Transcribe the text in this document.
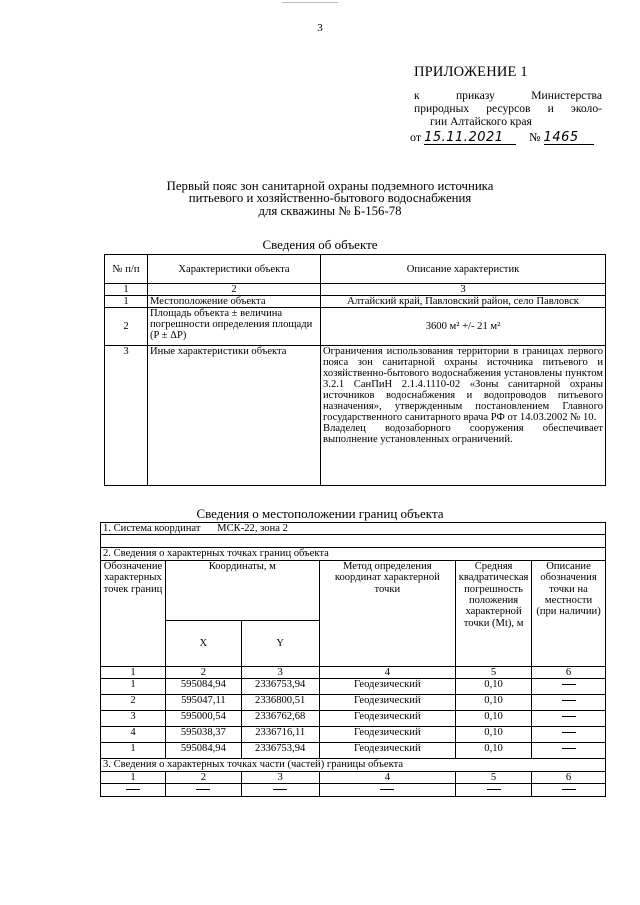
3
ПРИЛОЖЕНИЕ 1
к приказу Министерства
природных ресурсов и эколо-
гии Алтайского края
от 15.11.2021 № 1465
Первый пояс зон санитарной охраны подземного источника
питьевого и хозяйственно-бытового водоснабжения
для скважины № Б-156-78
Сведения об объекте
№ п/п	Характеристики объекта	Описание характеристик
1	2	3
1	Местоположение объекта	Алтайский край, Павловский район, село Павловск
2	Площадь объекта ± величина погрешности определения площади (P ± ΔP)	3600 м² +/- 21 м²
3	Иные характеристики объекта	Ограничения использования территории в границах первого пояса зон санитарной охраны источника питьевого и хозяйственно-бытового водоснабжения установлены пунктом 3.2.1 СанПиН 2.1.4.1110-02 «Зоны санитарной охраны источников водоснабжения и водопроводов питьевого назначения», утвержденным постановлением Главного государственного санитарного врача РФ от 14.03.2002 № 10.
Владелец водозаборного сооружения обеспечивает выполнение установленных ограничений.
Сведения о местоположении границ объекта
1. Система координат МСК-22, зона 2					

2. Сведения о характерных точках границ объекта					
Обозначение характерных точек границ	Координаты, м		Метод определения координат характерной точки	Средняя квадратическая погрешность положения характерной точки (Mt), м	Описание обозначения точки на местности (при наличии)
	X	Y			
1	2	3	4	5	6
1	595084,94	2336753,94	Геодезический	0,10	
2	595047,11	2336800,51	Геодезический	0,10	
3	595000,54	2336762,68	Геодезический	0,10	
4	595038,37	2336716,11	Геодезический	0,10	
1	595084,94	2336753,94	Геодезический	0,10	
3. Сведения о характерных точках части (частей) границы объекта					
1	2	3	4	5	6
